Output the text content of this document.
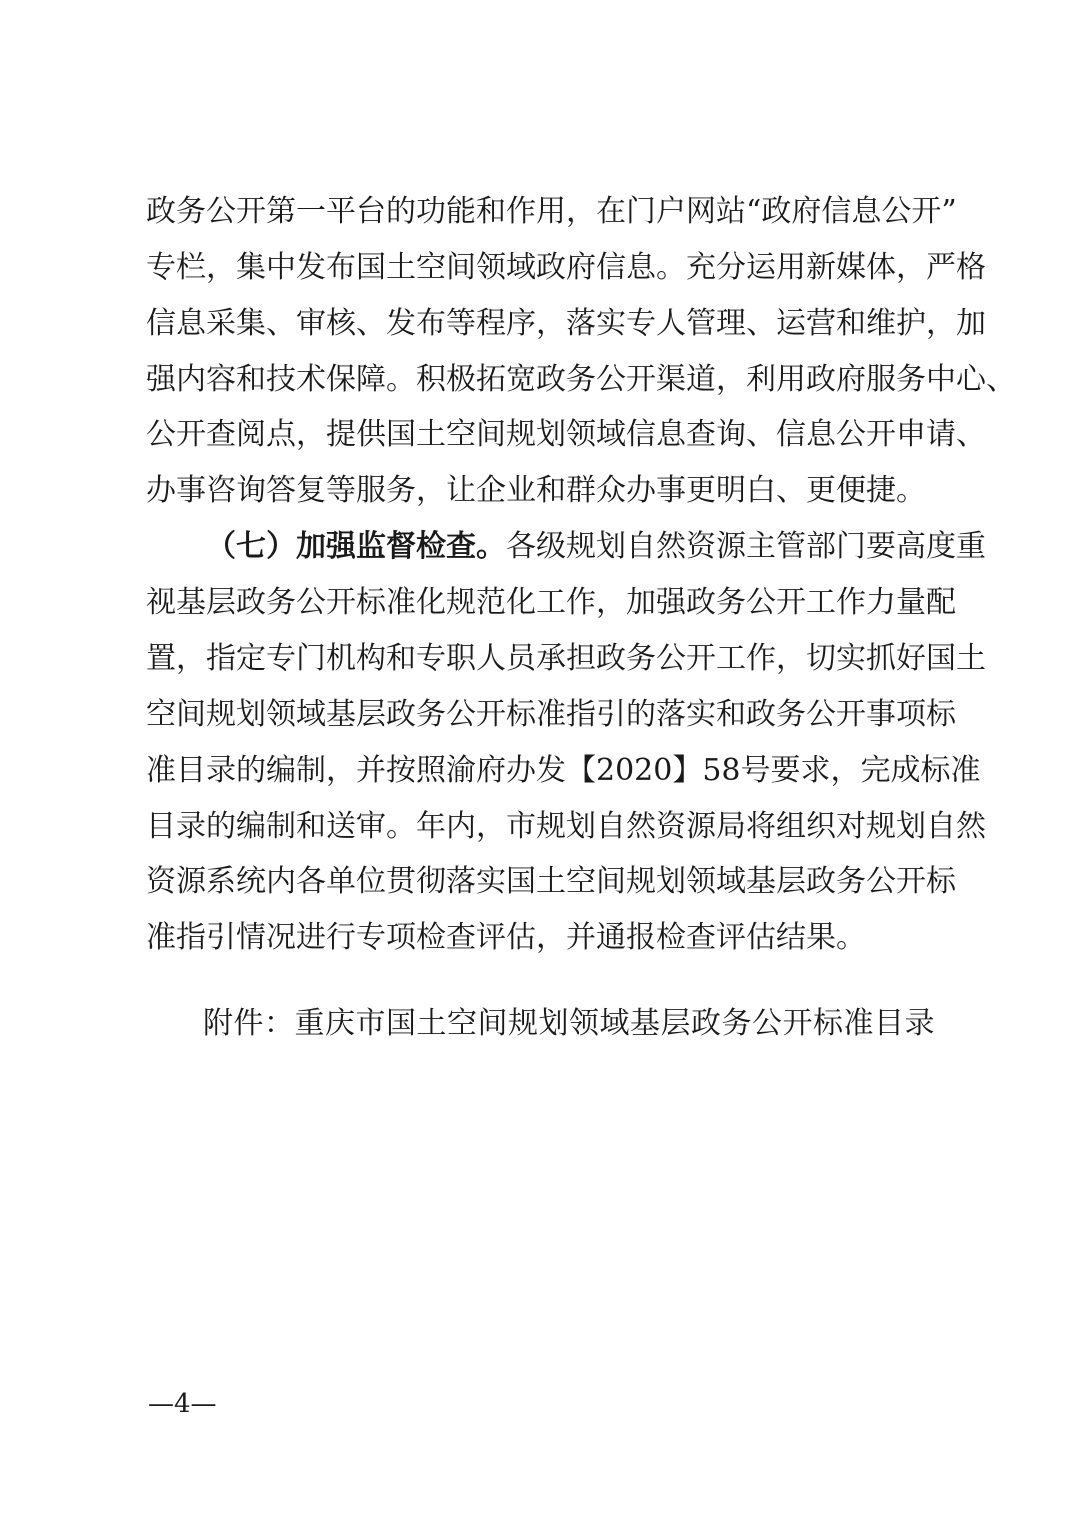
政务公开第一平台的功能和作用，在门户网站“政府信息公开”
专栏，集中发布国土空间领域政府信息。充分运用新媒体，严格
信息采集、审核、发布等程序，落实专人管理、运营和维护，加
强内容和技术保障。积极拓宽政务公开渠道，利用政府服务中心、
公开查阅点，提供国土空间规划领域信息查询、信息公开申请、
办事咨询答复等服务，让企业和群众办事更明白、更便捷。
（七）加强监督检查。各级规划自然资源主管部门要高度重
视基层政务公开标准化规范化工作，加强政务公开工作力量配
置，指定专门机构和专职人员承担政务公开工作，切实抓好国土
空间规划领域基层政务公开标准指引的落实和政务公开事项标
准目录的编制，并按照渝府办发【2020】58号要求，完成标准
目录的编制和送审。年内，市规划自然资源局将组织对规划自然
资源系统内各单位贯彻落实国土空间规划领域基层政务公开标
准指引情况进行专项检查评估，并通报检查评估结果。
附件：重庆市国土空间规划领域基层政务公开标准目录
—4—
